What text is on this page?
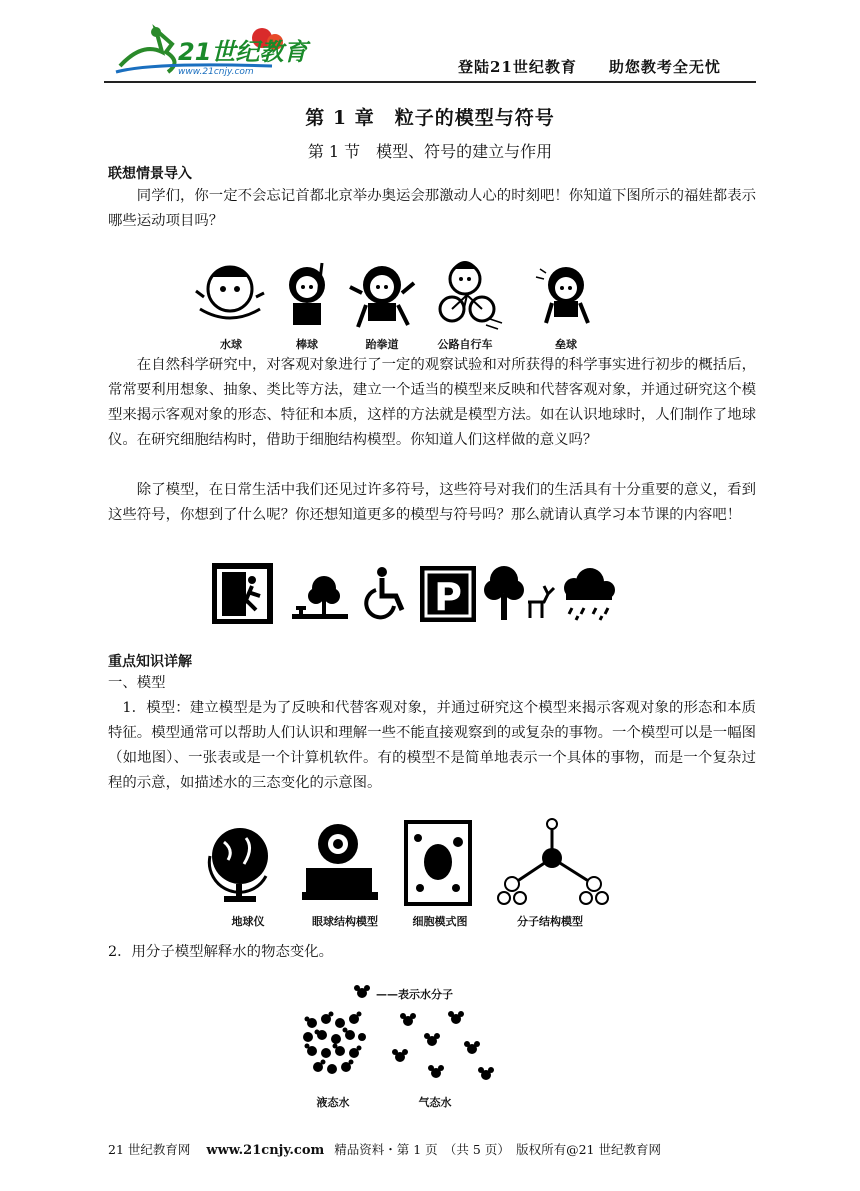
21世纪教育
www.21cnjy.com	登陆21世纪教育　　助您教考全无忧
第 1 章　粒子的模型与符号
第 1 节　模型、符号的建立与作用
联想情景导入
同学们，你一定不会忘记首都北京举办奥运会那激动人心的时刻吧！你知道下图所示的福娃都表示哪些运动项目吗？
水球	棒球	跆拳道	公路自行车	垒球
在自然科学研究中，对客观对象进行了一定的观察试验和对所获得的科学事实进行初步的概括后，常常要利用想象、抽象、类比等方法，建立一个适当的模型来反映和代替客观对象，并通过研究这个模型来揭示客观对象的形态、特征和本质，这样的方法就是模型方法。如在认识地球时，人们制作了地球仪。在研究细胞结构时，借助于细胞结构模型。你知道人们这样做的意义吗？
除了模型，在日常生活中我们还见过许多符号，这些符号对我们的生活具有十分重要的意义，看到这些符号，你想到了什么呢？你还想知道更多的模型与符号吗？那么就请认真学习本节课的内容吧！
P
重点知识详解
一、模型
1．模型：建立模型是为了反映和代替客观对象，并通过研究这个模型来揭示客观对象的形态和本质特征。模型通常可以帮助人们认识和理解一些不能直接观察到的或复杂的事物。一个模型可以是一幅图（如地图）、一张表或是一个计算机软件。有的模型不是简单地表示一个具体的事物，而是一个复杂过程的示意，如描述水的三态变化的示意图。
地球仪	眼球结构模型	细胞模式图	分子结构模型
2．用分子模型解释水的物态变化。
——表示水分子
液态水	气态水
21 世纪教育网 www.21cnjy.com 精品资料・第 1 页　（共 5 页）　版权所有@21 世纪教育网
